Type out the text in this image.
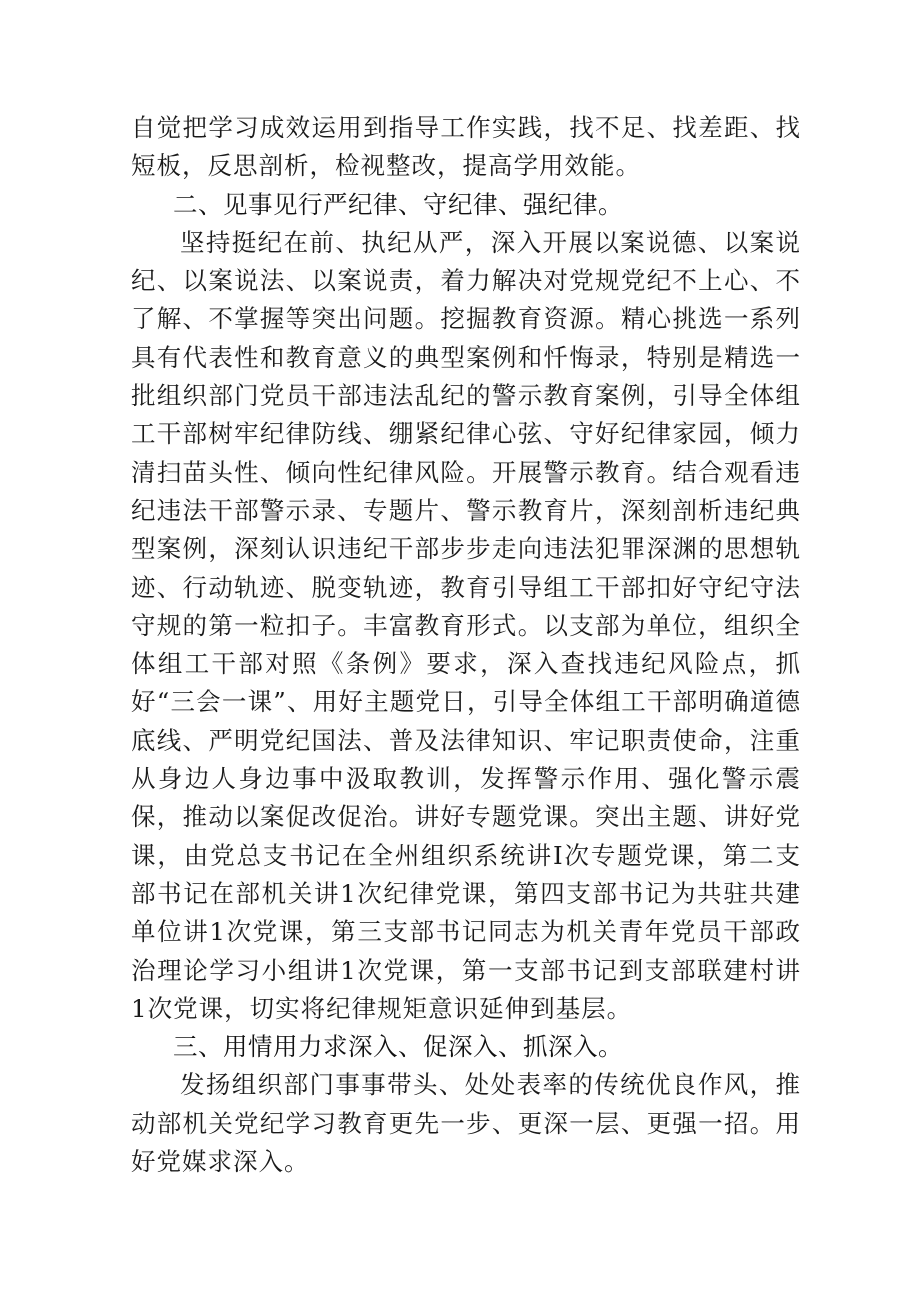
自觉把学习成效运用到指导工作实践，找不足、找差距、找短板，反思剖析，检视整改，提高学用效能。

二、见事见行严纪律、守纪律、强纪律。

坚持挺纪在前、执纪从严，深入开展以案说德、以案说纪、以案说法、以案说责，着力解决对党规党纪不上心、不了解、不掌握等突出问题。挖掘教育资源。精心挑选一系列具有代表性和教育意义的典型案例和忏悔录，特别是精选一批组织部门党员干部违法乱纪的警示教育案例，引导全体组工干部树牢纪律防线、绷紧纪律心弦、守好纪律家园，倾力清扫苗头性、倾向性纪律风险。开展警示教育。结合观看违纪违法干部警示录、专题片、警示教育片，深刻剖析违纪典型案例，深刻认识违纪干部步步走向违法犯罪深渊的思想轨迹、行动轨迹、脱变轨迹，教育引导组工干部扣好守纪守法守规的第一粒扣子。丰富教育形式。以支部为单位，组织全体组工干部对照《条例》要求，深入查找违纪风险点，抓好“三会一课”、用好主题党日，引导全体组工干部明确道德底线、严明党纪国法、普及法律知识、牢记职责使命，注重从身边人身边事中汲取教训，发挥警示作用、强化警示震保，推动以案促改促治。讲好专题党课。突出主题、讲好党课，由党总支书记在全州组织系统讲I次专题党课，第二支部书记在部机关讲1次纪律党课，第四支部书记为共驻共建单位讲1次党课，第三支部书记同志为机关青年党员干部政治理论学习小组讲1次党课，第一支部书记到支部联建村讲1次党课，切实将纪律规矩意识延伸到基层。

三、用情用力求深入、促深入、抓深入。

发扬组织部门事事带头、处处表率的传统优良作风，推动部机关党纪学习教育更先一步、更深一层、更强一招。用好党媒求深入。
